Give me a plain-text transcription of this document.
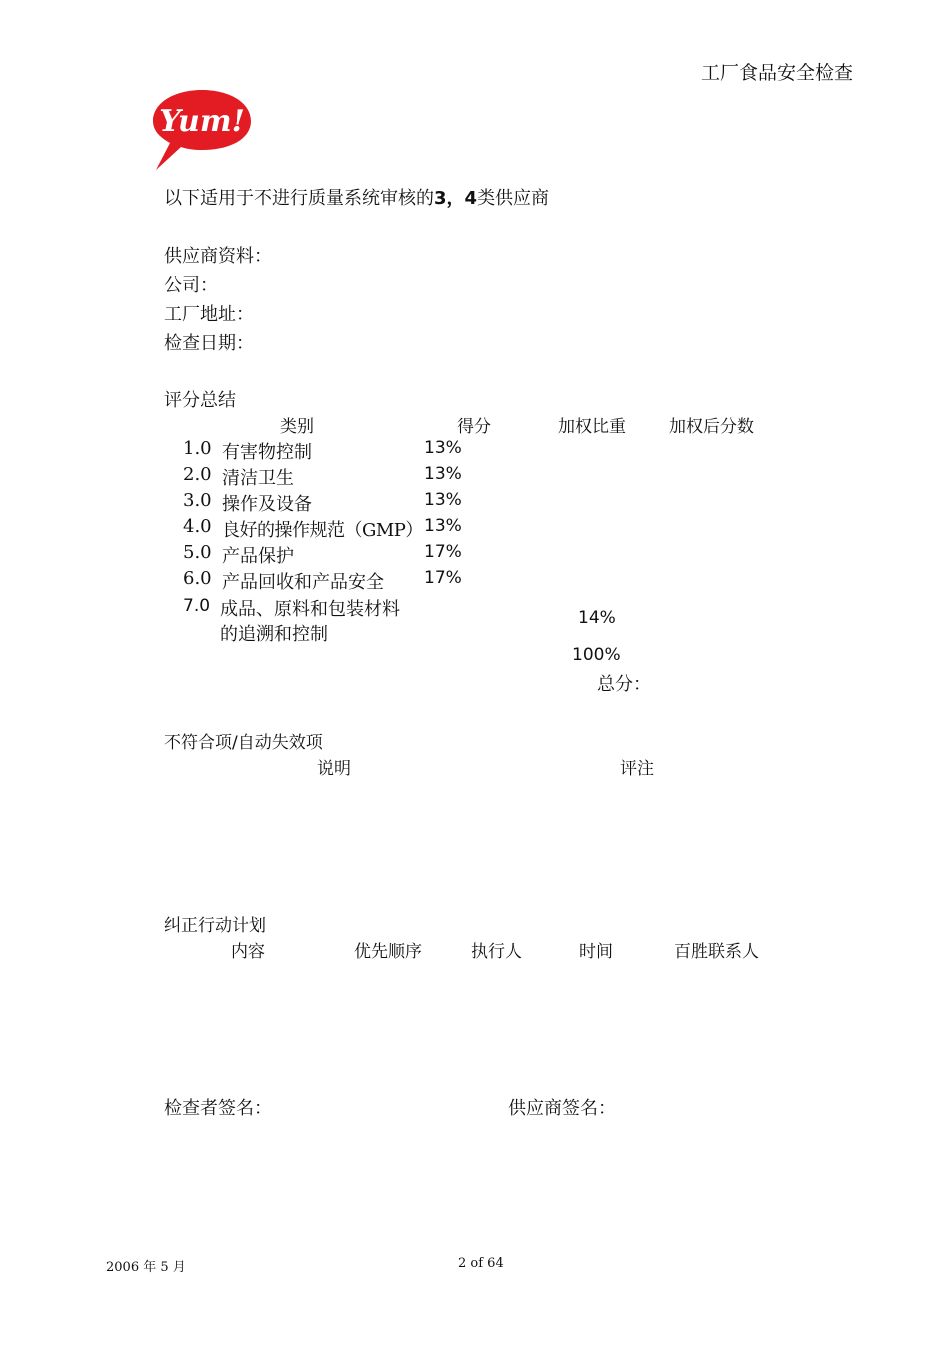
工厂食品安全检查
Yum!
以下适用于不进行质量系统审核的3，4类供应商
供应商资料：
公司：
工厂地址：
检查日期：
评分总结
类别	得分	加权比重	加权后分数
1.0 有害物控制	13%
2.0 清洁卫生	13%
3.0 操作及设备	13%
4.0 良好的操作规范（GMP） 13%
5.0 产品保护	17%
6.0 产品回收和产品安全 17%
7.0 成品、原料和包装材料
的追溯和控制
14%
100%
总分：
不符合项/自动失效项
说明	评注
纠正行动计划
内容	优先顺序	执行人	时间	百胜联系人
检查者签名：	供应商签名：
2006 年 5 月	2 of 64
